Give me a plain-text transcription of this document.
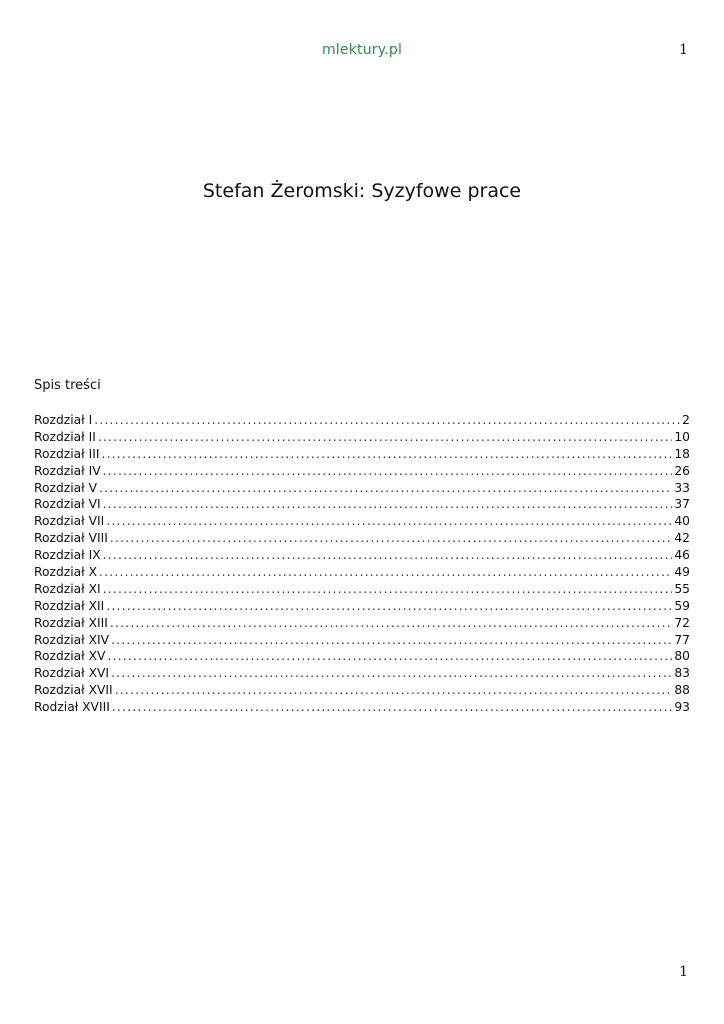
mlektury.pl	1
Stefan Żeromski: Syzyfowe prace
Spis treści
Rozdział I .....	2
Rozdział II .....	10
Rozdział III .....	18
Rozdział IV .....	26
Rozdział V .....	33
Rozdział VI .....	37
Rozdział VII .....	40
Rozdział VIII .....	42
Rozdział IX .....	46
Rozdział X .....	49
Rozdział XI .....	55
Rozdział XII .....	59
Rozdział XIII .....	72
Rozdział XIV .....	77
Rozdział XV .....	80
Rozdział XVI .....	83
Rozdział XVII .....	88
Rodział XVIII .....	93
1
